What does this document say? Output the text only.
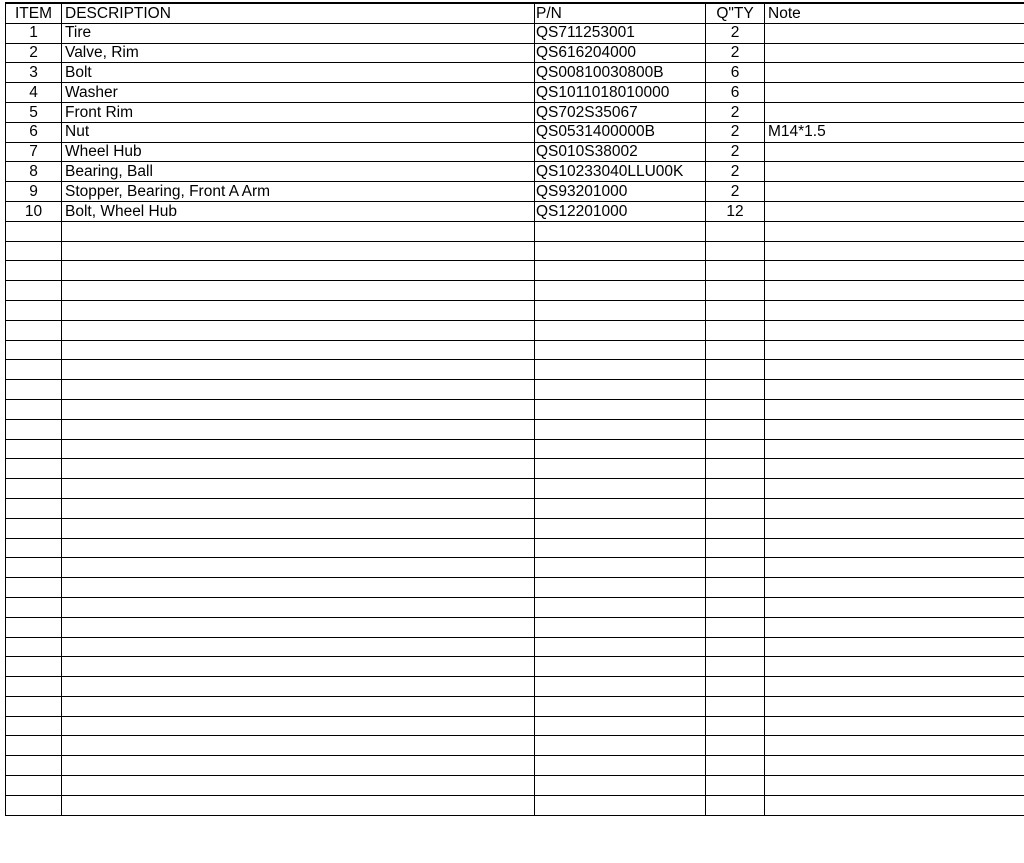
ITEM	DESCRIPTION	P/N	Q"TY	Note
1	Tire	QS711253001	2	
2	Valve, Rim	QS616204000	2	
3	Bolt	QS00810030800B	6	
4	Washer	QS1011018010000	6	
5	Front Rim	QS702S35067	2	
6	Nut	QS0531400000B	2	M14*1.5
7	Wheel Hub	QS010S38002	2	
8	Bearing, Ball	QS10233040LLU00K	2	
9	Stopper, Bearing, Front A Arm	QS93201000	2	
10	Bolt, Wheel Hub	QS12201000	12	
